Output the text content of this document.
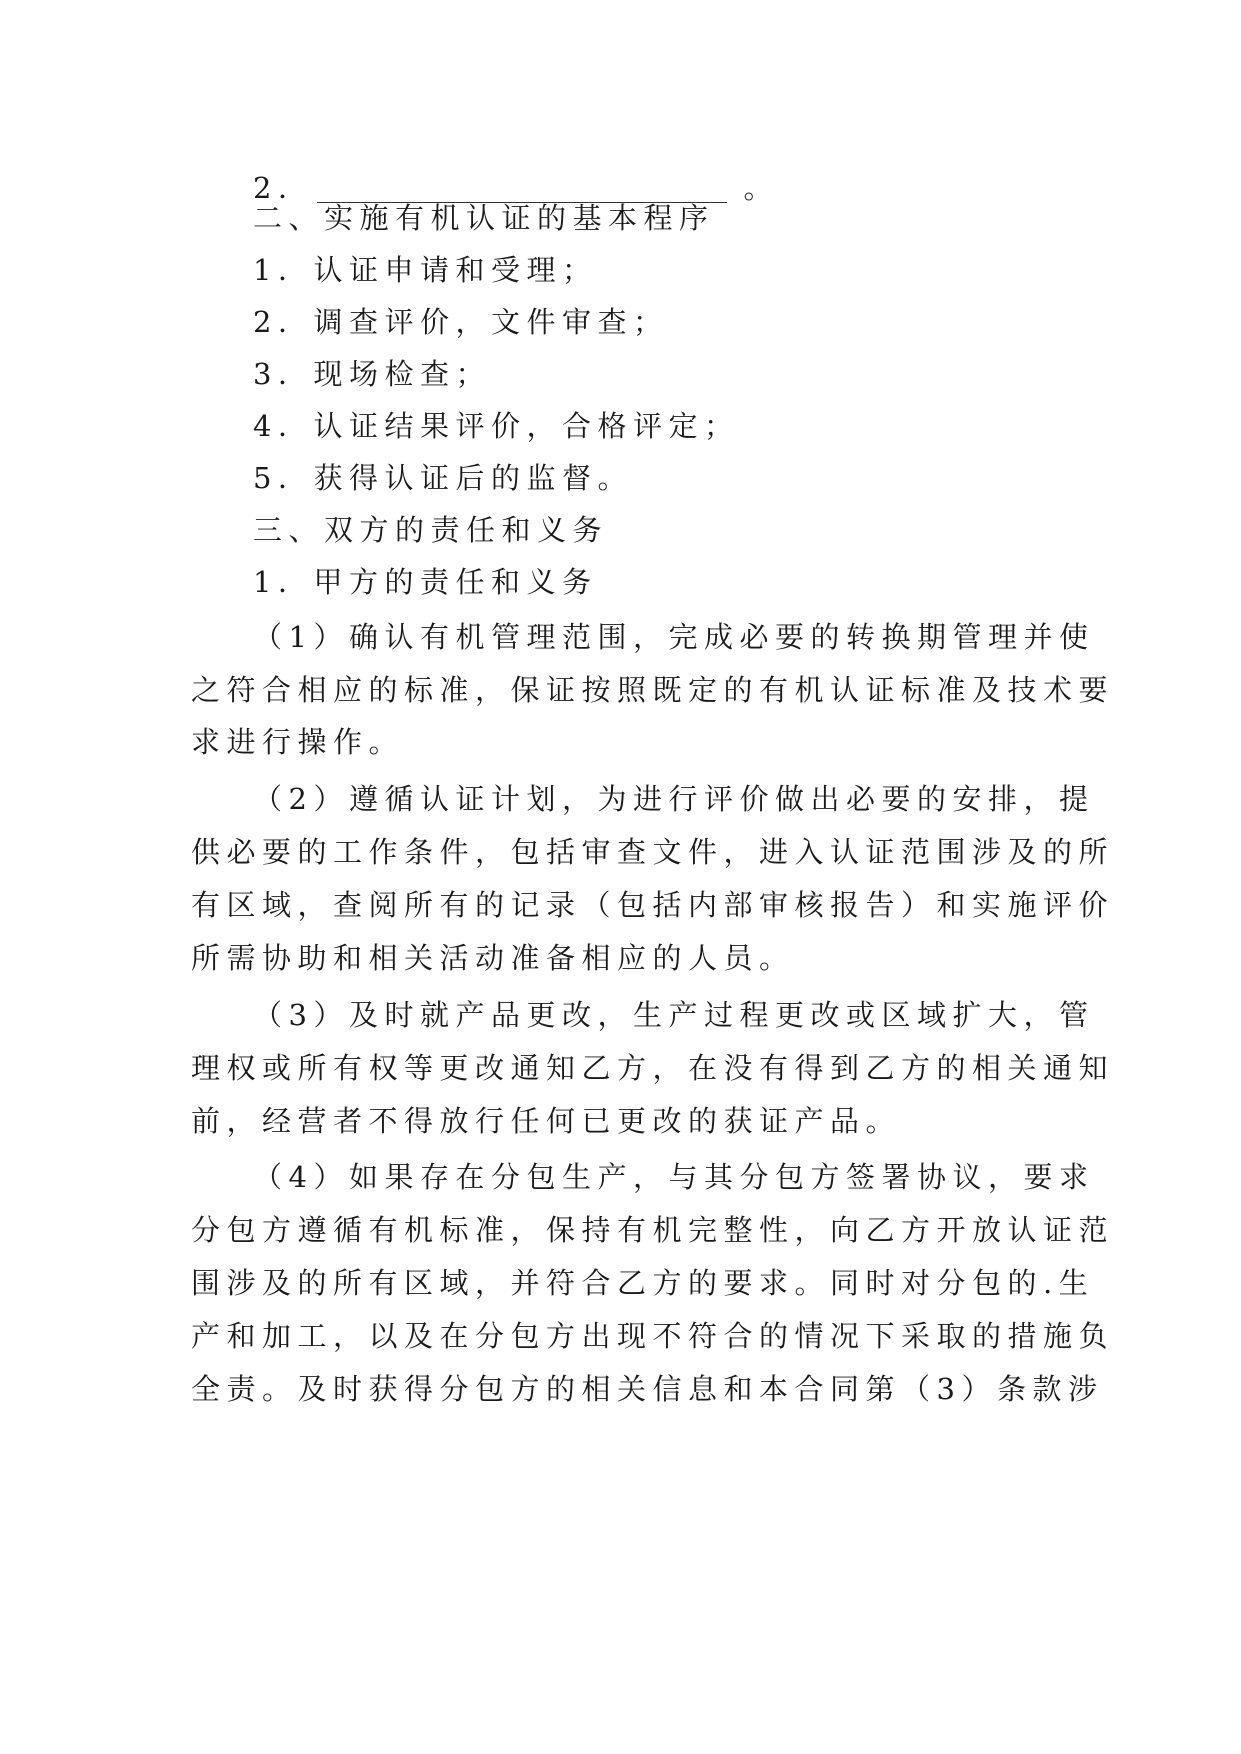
2．	。
二、实施有机认证的基本程序
1．认证申请和受理；
2．调查评价，文件审查；
3．现场检查；
4．认证结果评价，合格评定；
5．获得认证后的监督。
三、双方的责任和义务
1．甲方的责任和义务
（1）确认有机管理范围，完成必要的转换期管理并使
之符合相应的标准，保证按照既定的有机认证标准及技术要
求进行操作。
（2）遵循认证计划，为进行评价做出必要的安排，提
供必要的工作条件，包括审查文件，进入认证范围涉及的所
有区域，查阅所有的记录（包括内部审核报告）和实施评价
所需协助和相关活动准备相应的人员。
（3）及时就产品更改，生产过程更改或区域扩大，管
理权或所有权等更改通知乙方，在没有得到乙方的相关通知
前，经营者不得放行任何已更改的获证产品。
（4）如果存在分包生产，与其分包方签署协议，要求
分包方遵循有机标准，保持有机完整性，向乙方开放认证范
围涉及的所有区域，并符合乙方的要求。同时对分包的.生
产和加工，以及在分包方出现不符合的情况下采取的措施负
全责。及时获得分包方的相关信息和本合同第（3）条款涉
